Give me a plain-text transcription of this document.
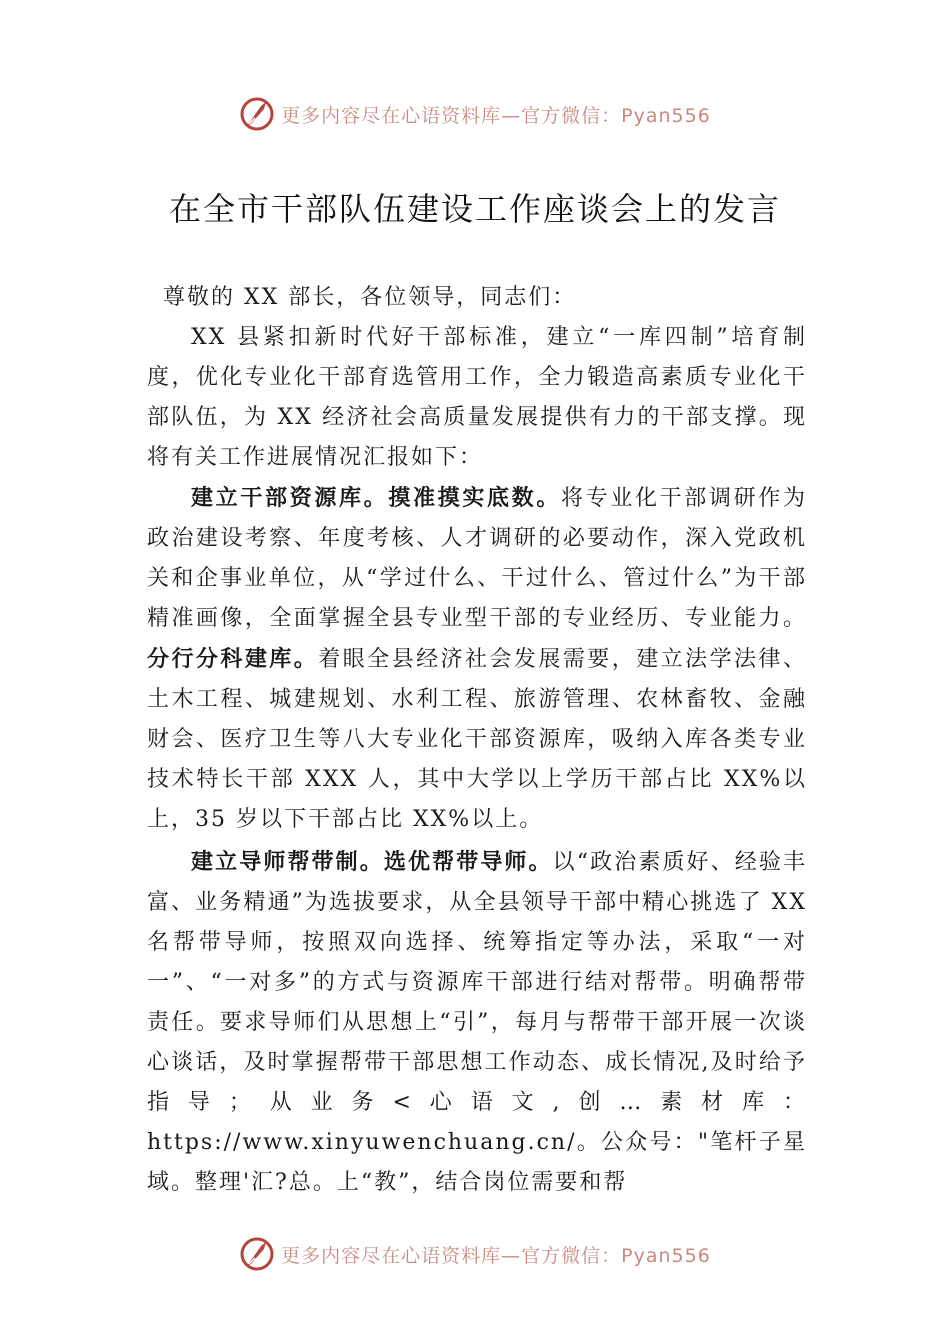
更多内容尽在心语资料库—官方微信：Pyan556
在全市干部队伍建设工作座谈会上的发言

尊敬的 XX 部长，各位领导，同志们：

XX 县紧扣新时代好干部标准，建立“一库四制”培育制度，优化专业化干部育选管用工作，全力锻造高素质专业化干部队伍，为 XX 经济社会高质量发展提供有力的干部支撑。现将有关工作进展情况汇报如下：

建立干部资源库。摸准摸实底数。将专业化干部调研作为政治建设考察、年度考核、人才调研的必要动作，深入党政机关和企事业单位，从“学过什么、干过什么、管过什么”为干部精准画像，全面掌握全县专业型干部的专业经历、专业能力。分行分科建库。着眼全县经济社会发展需要，建立法学法律、土木工程、城建规划、水利工程、旅游管理、农林畜牧、金融财会、医疗卫生等八大专业化干部资源库，吸纳入库各类专业技术特长干部 XXX 人，其中大学以上学历干部占比 XX%以上，35 岁以下干部占比 XX%以上。

建立导师帮带制。选优帮带导师。以“政治素质好、经验丰富、业务精通”为选拔要求，从全县领导干部中精心挑选了 XX 名帮带导师，按照双向选择、统筹指定等办法，采取“一对一”、“一对多”的方式与资源库干部进行结对帮带。明确帮带责任。要求导师们从思想上“引”，每月与帮带干部开展一次谈心谈话，及时掌握帮带干部思想工作动态、成长情况,及时给予指导；从业务<心语文,创…素材库：https://www.xinyuwenchuang.cn/。公众号："笔杆子星域。整理'汇?总。上“教”，结合岗位需要和帮

更多内容尽在心语资料库—官方微信：Pyan556
